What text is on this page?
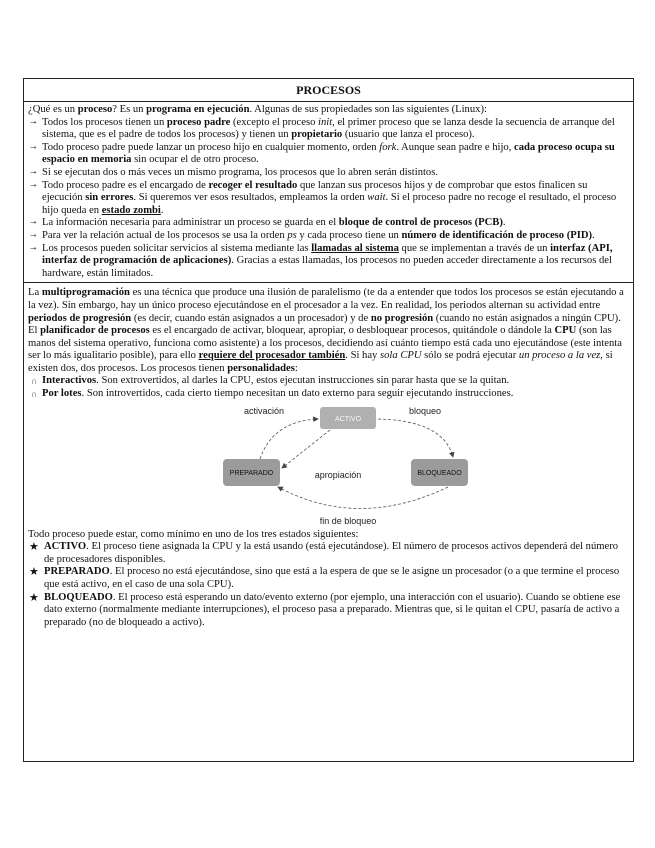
PROCESOS

¿Qué es un proceso? Es un programa en ejecución. Algunas de sus propiedades son las siguientes (Linux):

↠ Todos los procesos tienen un proceso padre (excepto el proceso init, el primer proceso que se lanza desde la secuencia de arranque del sistema, que es el padre de todos los procesos) y tienen un propietario (usuario que lanza el proceso).
↠ Todo proceso padre puede lanzar un proceso hijo en cualquier momento, orden fork. Aunque sean padre e hijo, cada proceso ocupa su espacio en memoria sin ocupar el de otro proceso.
↠ Si se ejecutan dos o más veces un mismo programa, los procesos que lo abren serán distintos.
↠ Todo proceso padre es el encargado de recoger el resultado que lanzan sus procesos hijos y de comprobar que estos finalicen su ejecución sin errores. Si queremos ver esos resultados, empleamos la orden wait. Si el proceso padre no recoge el resultado, el proceso hijo queda en estado zombi.
↠ La información necesaria para administrar un proceso se guarda en el bloque de control de procesos (PCB).
↠ Para ver la relación actual de los procesos se usa la orden ps y cada proceso tiene un número de identificación de proceso (PID).
↠ Los procesos pueden solicitar servicios al sistema mediante las llamadas al sistema que se implementan a través de un interfaz (API, interfaz de programación de aplicaciones). Gracias a estas llamadas, los procesos no pueden acceder directamente a los recursos del hardware, están limitados.

La multiprogramación es una técnica que produce una ilusión de paralelismo (te da a entender que todos los procesos se están ejecutando a la vez). Sin embargo, hay un único proceso ejecutándose en el procesador a la vez. En realidad, los periodos alternan su actividad entre periodos de progresión (es decir, cuando están asignados a un procesador) y de no progresión (cuando no están asignados a ningún CPU). El planificador de procesos es el encargado de activar, bloquear, apropiar, o desbloquear procesos, quitándole o dándole la CPU (son las manos del sistema operativo, funciona como asistente) a los procesos, decidiendo así cuánto tiempo está cada uno ejecutándose (este intenta ser lo más igualitario posible), para ello requiere del procesador también. Si hay sola CPU sólo se podrá ejecutar un proceso a la vez, si existen dos, dos procesos. Los procesos tienen personalidades:

∩ Interactivos. Son extrovertidos, al darles la CPU, estos ejecutan instrucciones sin parar hasta que se la quitan.
∩ Por lotes. Son introvertidos, cada cierto tiempo necesitan un dato externo para seguir ejecutando instrucciones.
ACTIVO
PREPARADO	BLOQUEADO
activación	bloqueo
apropiación
fin de bloqueo

Todo proceso puede estar, como mínimo en uno de los tres estados siguientes:

★ ACTIVO. El proceso tiene asignada la CPU y la está usando (está ejecutándose). El número de procesos activos dependerá del número de procesadores disponibles.
★ PREPARADO. El proceso no está ejecutándose, sino que está a la espera de que se le asigne un procesador (o a que termine el proceso que está activo, en el caso de una sola CPU).
★ BLOQUEADO. El proceso está esperando un dato/evento externo (por ejemplo, una interacción con el usuario). Cuando se obtiene ese dato externo (normalmente mediante interrupciones), el proceso pasa a preparado. Mientras que, si le quitan el CPU, pasaría de activo a preparado (no de bloqueado a activo).
